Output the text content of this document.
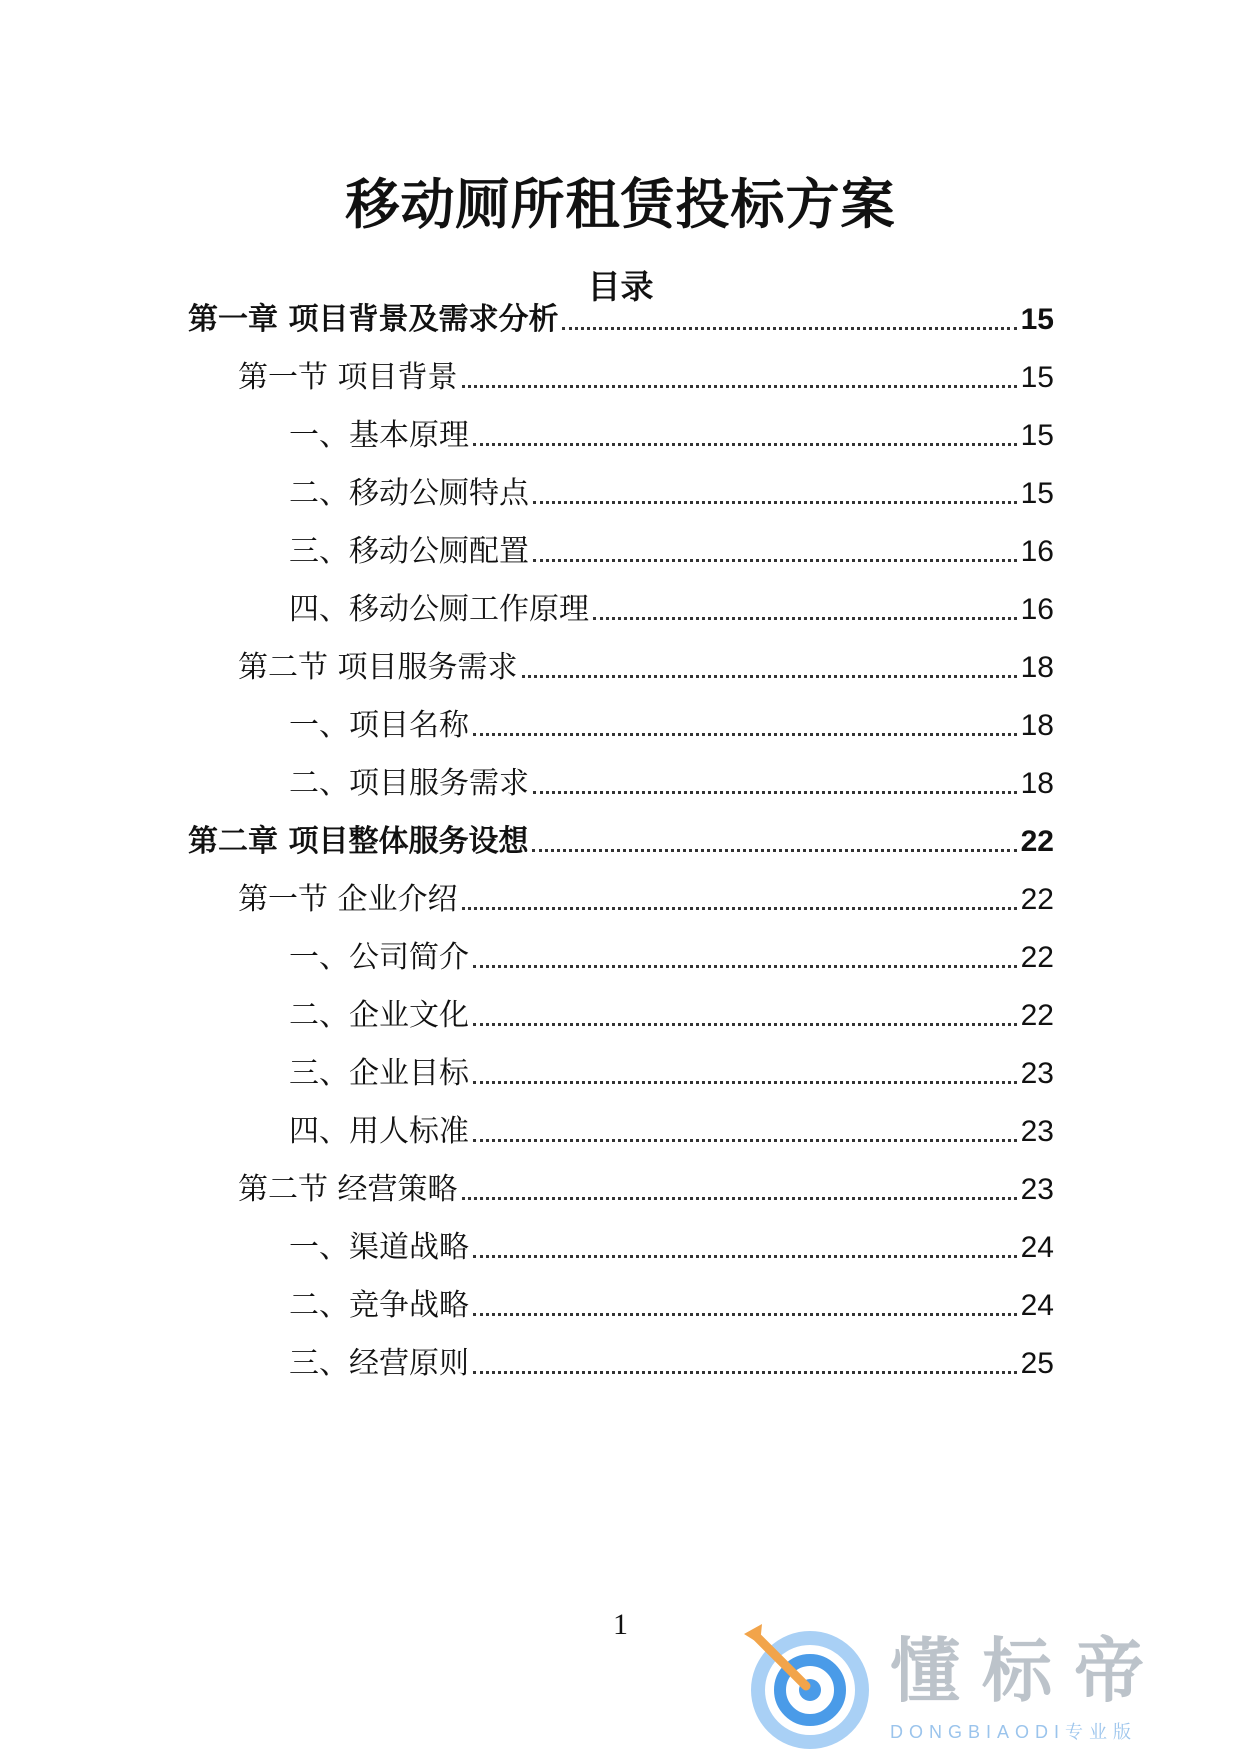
移动厕所租赁投标方案
目录
第一章 项目背景及需求分析	15
第一节 项目背景	15
一、基本原理	15
二、移动公厕特点	15
三、移动公厕配置	16
四、移动公厕工作原理	16
第二节 项目服务需求	18
一、项目名称	18
二、项目服务需求	18
第二章 项目整体服务设想	22
第一节 企业介绍	22
一、公司简介	22
二、企业文化	22
三、企业目标	23
四、用人标准	23
第二节 经营策略	23
一、渠道战略	24
二、竞争战略	24
三、经营原则	25
1
懂标帝
DONGBIAODI专业版
